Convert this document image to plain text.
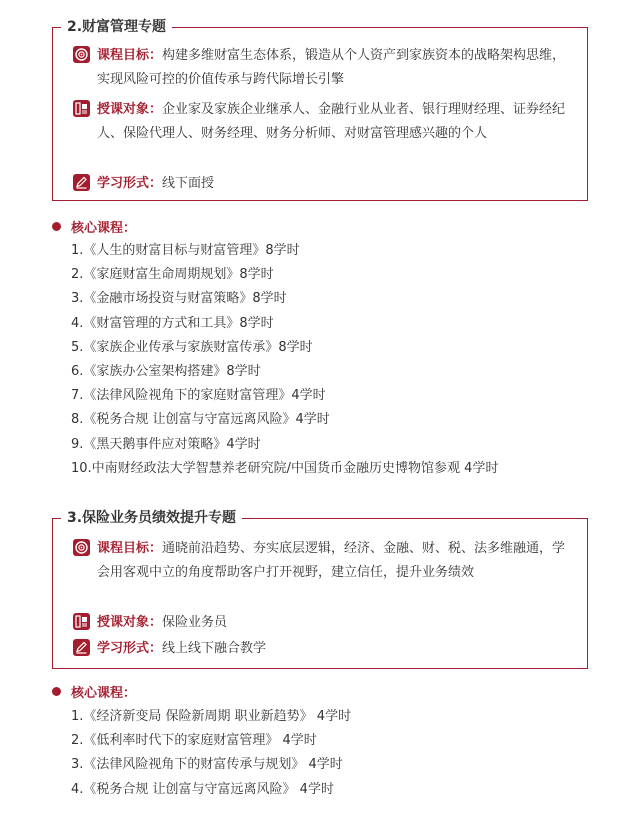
2.财富管理专题
课程目标：构建多维财富生态体系，锻造从个人资产到家族资本的战略架构思维，实现风险可控的价值传承与跨代际增长引擎
授课对象：企业家及家族企业继承人、金融行业从业者、银行理财经理、证券经纪人、保险代理人、财务经理、财务分析师、对财富管理感兴趣的个人
学习形式：线下面授
核心课程：
1.《人生的财富目标与财富管理》8学时
2.《家庭财富生命周期规划》8学时
3.《金融市场投资与财富策略》8学时
4.《财富管理的方式和工具》8学时
5.《家族企业传承与家族财富传承》8学时
6.《家族办公室架构搭建》8学时
7.《法律风险视角下的家庭财富管理》4学时
8.《税务合规 让创富与守富远离风险》4学时
9.《黑天鹅事件应对策略》4学时
10.中南财经政法大学智慧养老研究院/中国货币金融历史博物馆参观 4学时
3.保险业务员绩效提升专题
课程目标：通晓前沿趋势、夯实底层逻辑，经济、金融、财、税、法多维融通，学会用客观中立的角度帮助客户打开视野，建立信任，提升业务绩效
授课对象：保险业务员
学习形式：线上线下融合教学
核心课程：
1.《经济新变局 保险新周期 职业新趋势》 4学时
2.《低利率时代下的家庭财富管理》 4学时
3.《法律风险视角下的财富传承与规划》 4学时
4.《税务合规 让创富与守富远离风险》 4学时
